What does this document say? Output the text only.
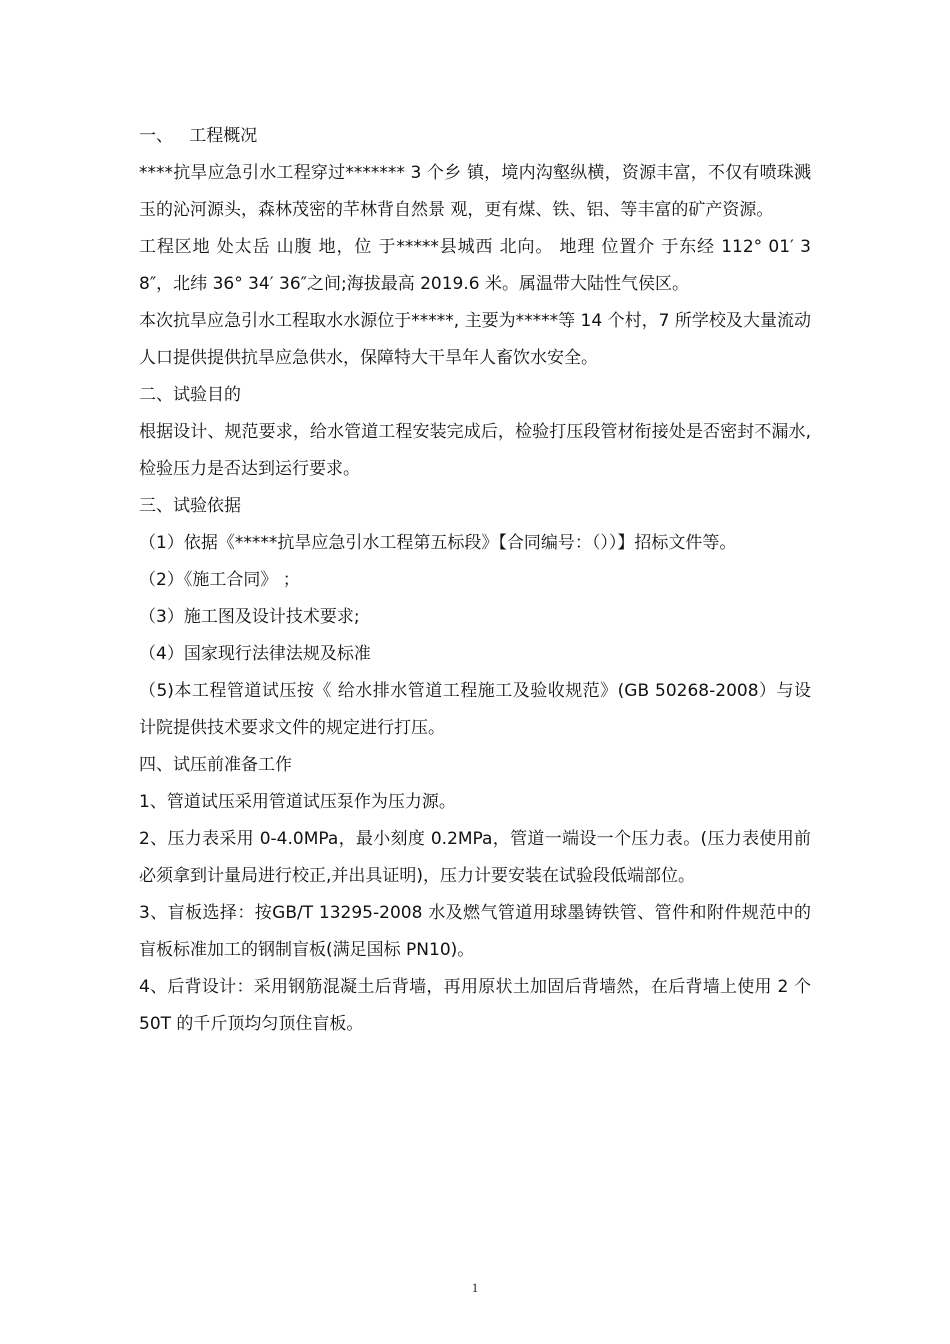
一、   工程概况

****抗旱应急引水工程穿过******* 3 个乡 镇，境内沟壑纵横，资源丰富，不仅有喷珠溅玉的沁河源头，森林茂密的芊林背自然景 观，更有煤、铁、铝、等丰富的矿产资源。

工程区地 处太岳 山腹 地，位 于*****县城西 北向。 地理 位置介 于东经 112° 01′ 38″，北纬 36° 34′ 36″之间;海拔最高 2019.6 米。属温带大陆性气侯区。

本次抗旱应急引水工程取水水源位于*****, 主要为*****等 14 个村，7 所学校及大量流动人口提供提供抗旱应急供水，保障特大干旱年人畜饮水安全。

二、试验目的

根据设计、规范要求，给水管道工程安装完成后，检验打压段管材衔接处是否密封不漏水,检验压力是否达到运行要求。

三、试验依据

（1）依据《*****抗旱应急引水工程第五标段》【合同编号：（））】招标文件等。

（2）《施工合同》 ；

（3）施工图及设计技术要求;

（4）国家现行法律法规及标准

（5)本工程管道试压按《 给水排水管道工程施工及验收规范》(GB 50268-2008）与设计院提供技术要求文件的规定进行打压。

四、试压前准备工作

1、管道试压采用管道试压泵作为压力源。

2、压力表采用 0-4.0MPa，最小刻度 0.2MPa，管道一端设一个压力表。(压力表使用前必须拿到计量局进行校正,并出具证明)，压力计要安装在试验段低端部位。

3、盲板选择：按GB/T 13295-2008 水及燃气管道用球墨铸铁管、管件和附件规范中的盲板标准加工的钢制盲板(满足国标 PN10)。

4、后背设计：采用钢筋混凝土后背墙，再用原状土加固后背墙然，在后背墙上使用 2 个 50T 的千斤顶均匀顶住盲板。

1
